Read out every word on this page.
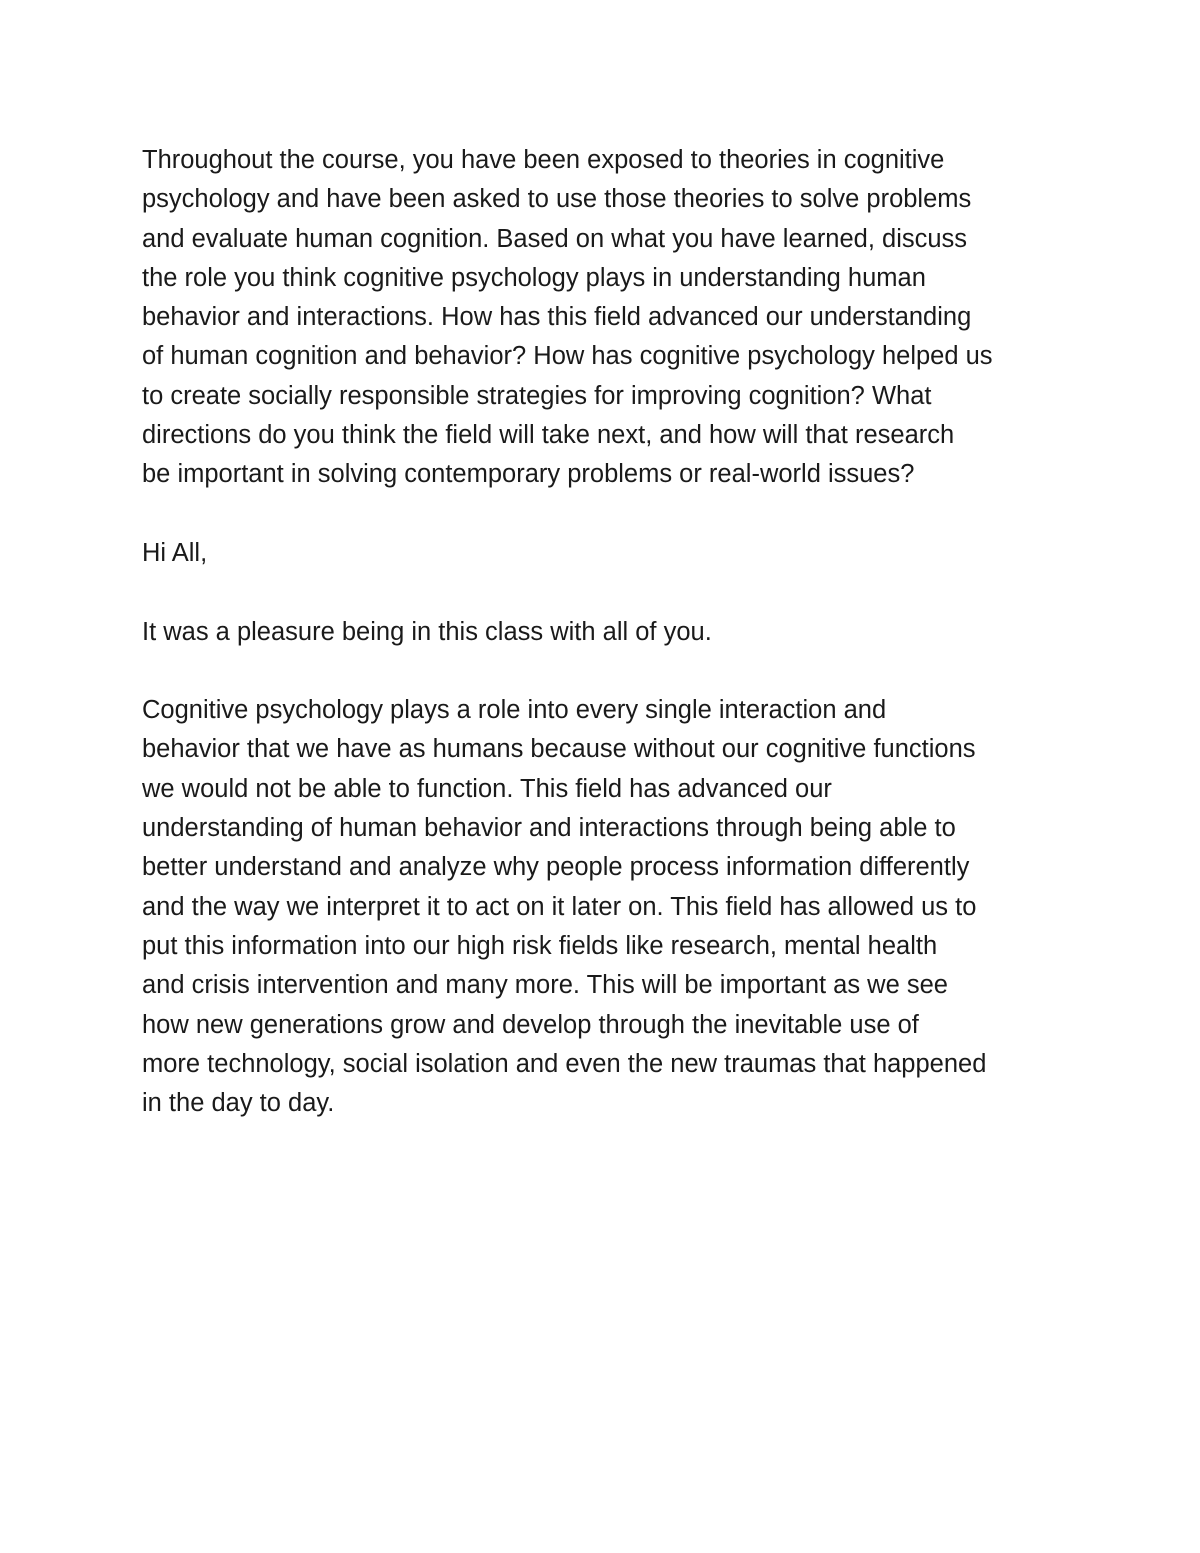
Throughout the course, you have been exposed to theories in cognitive
psychology and have been asked to use those theories to solve problems
and evaluate human cognition. Based on what you have learned, discuss
the role you think cognitive psychology plays in understanding human
behavior and interactions. How has this field advanced our understanding
of human cognition and behavior? How has cognitive psychology helped us
to create socially responsible strategies for improving cognition? What
directions do you think the field will take next, and how will that research
be important in solving contemporary problems or real-world issues?
Hi All,
It was a pleasure being in this class with all of you.
Cognitive psychology plays a role into every single interaction and
behavior that we have as humans because without our cognitive functions
we would not be able to function. This field has advanced our
understanding of human behavior and interactions through being able to
better understand and analyze why people process information differently
and the way we interpret it to act on it later on. This field has allowed us to
put this information into our high risk fields like research, mental health
and crisis intervention and many more. This will be important as we see
how new generations grow and develop through the inevitable use of
more technology, social isolation and even the new traumas that happened
in the day to day.
